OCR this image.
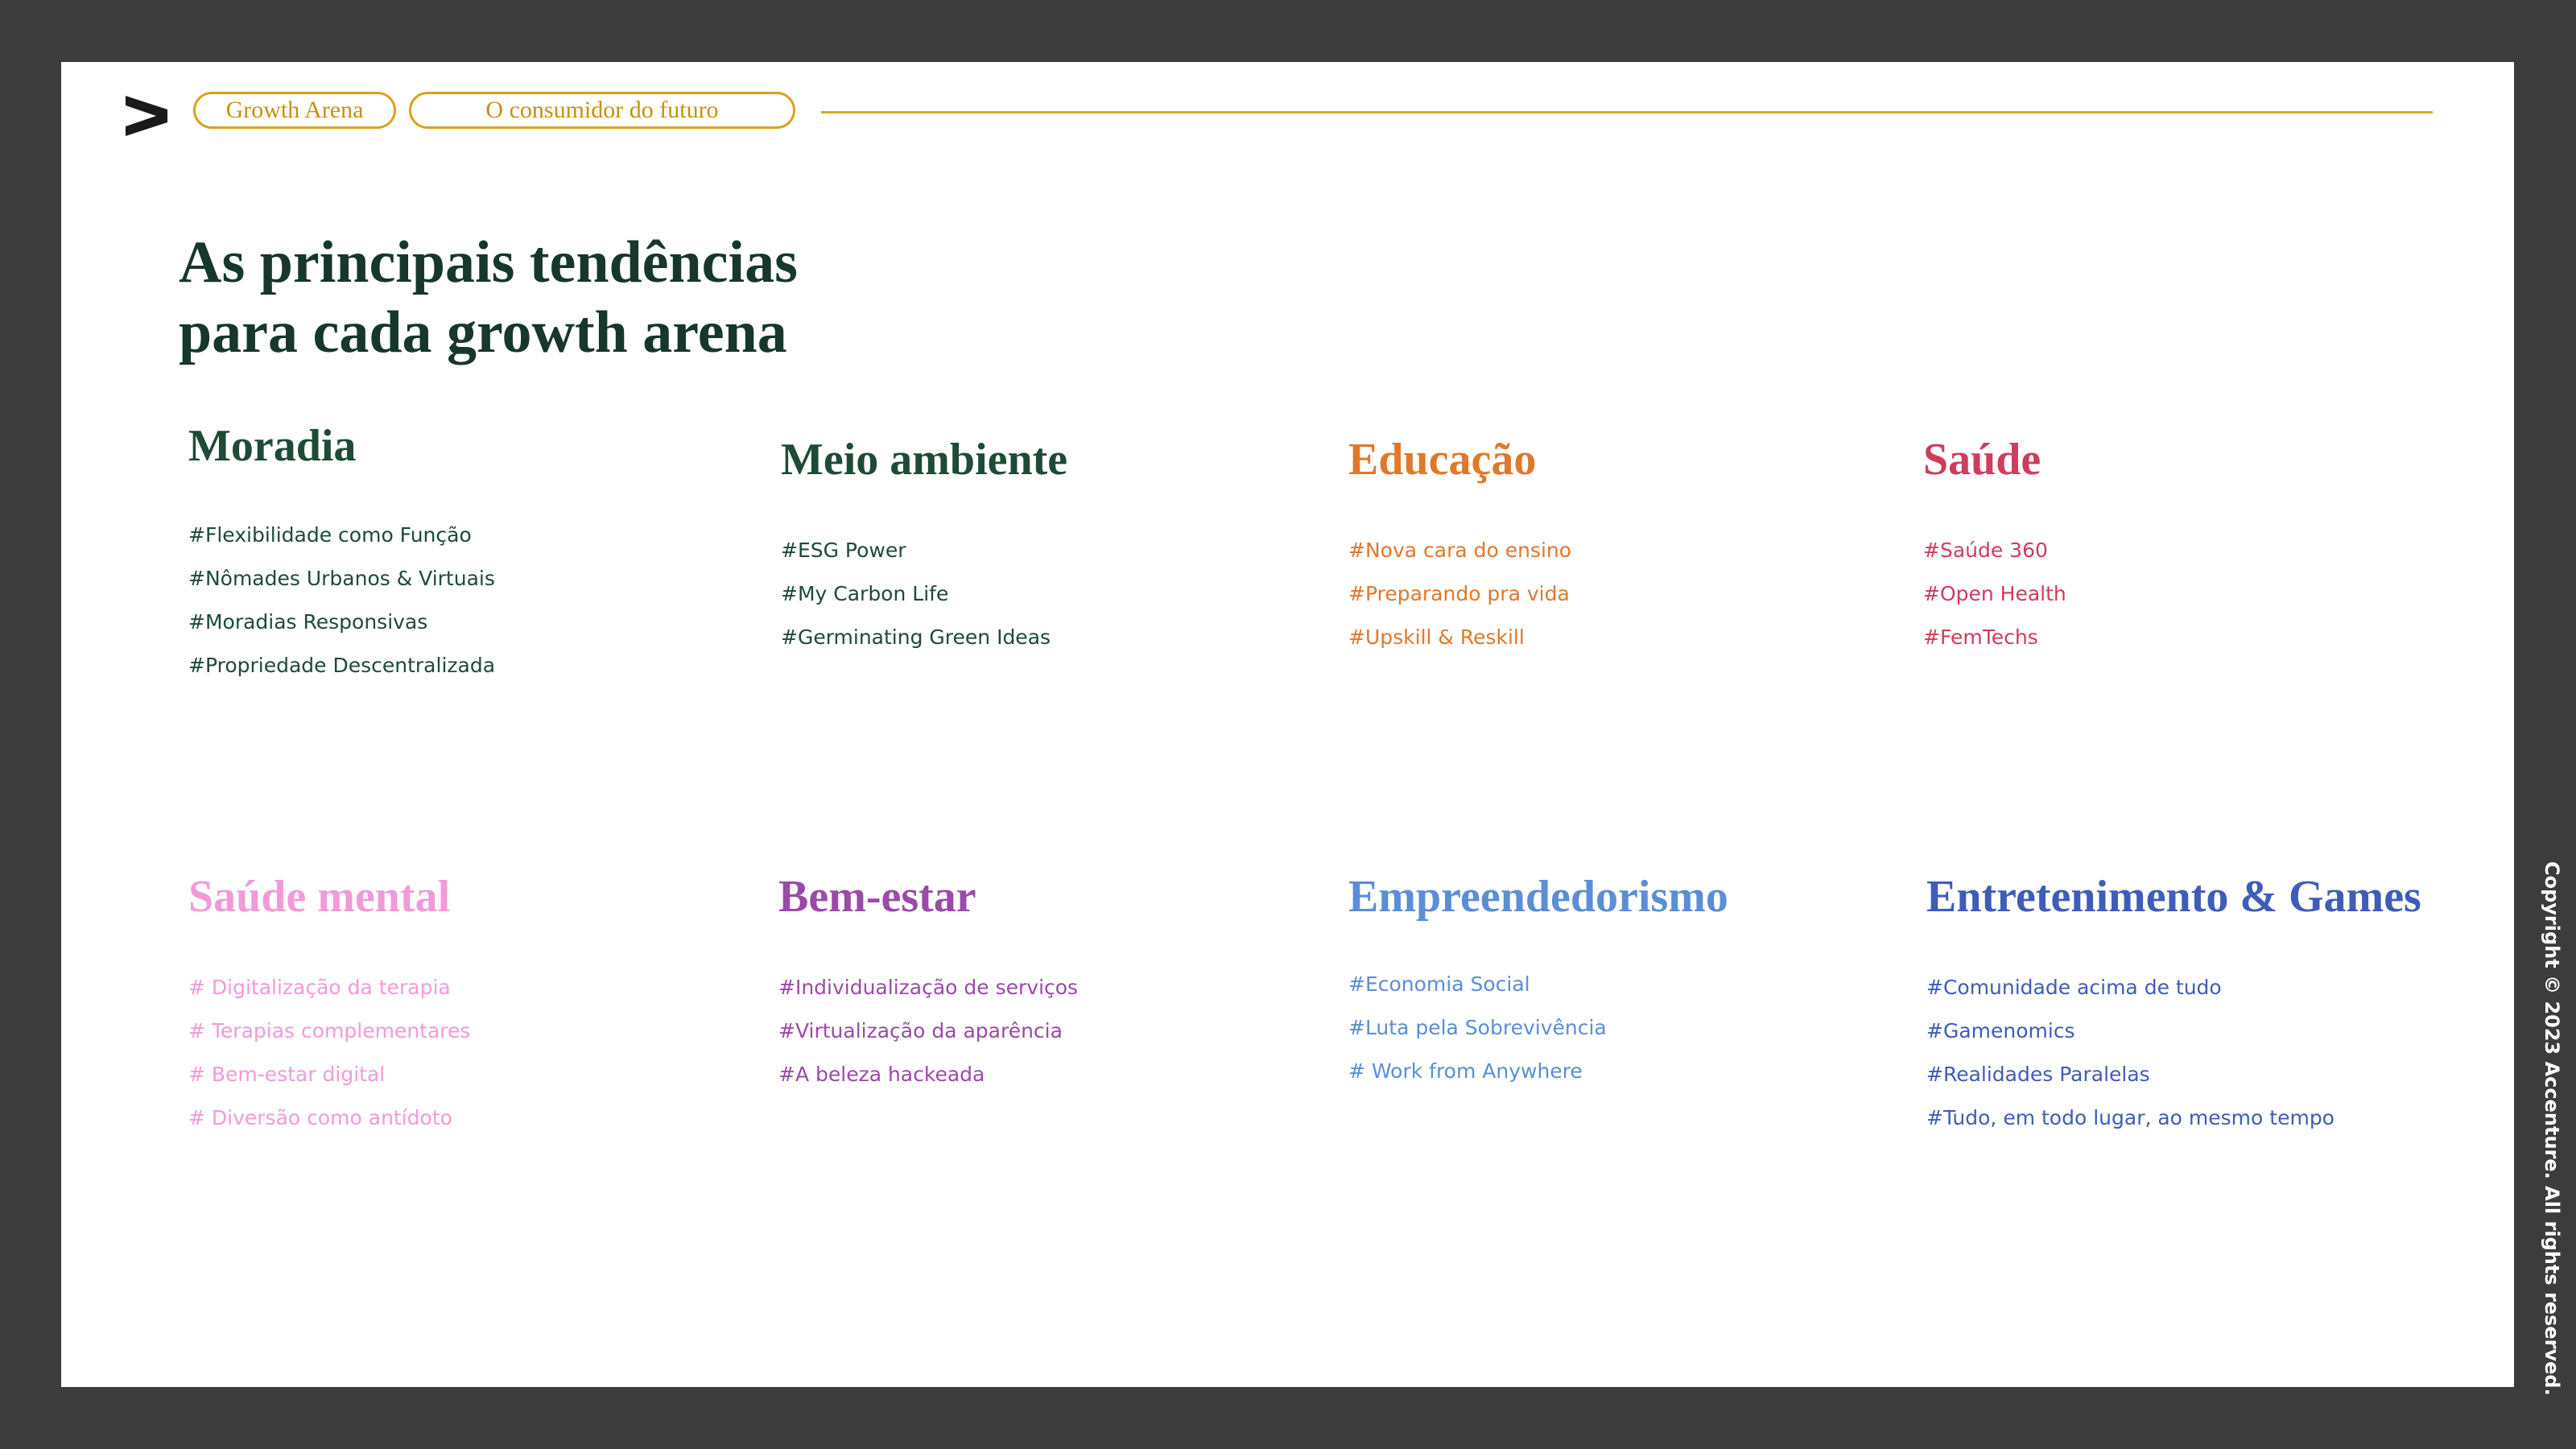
Growth Arena	O consumidor do futuro
As principais tendências
para cada growth arena
Moradia
#Flexibilidade como Função
#Nômades Urbanos & Virtuais
#Moradias Responsivas
#Propriedade Descentralizada
Meio ambiente
#ESG Power
#My Carbon Life
#Germinating Green Ideas
Educação
#Nova cara do ensino
#Preparando pra vida
#Upskill & Reskill
Saúde
#Saúde 360
#Open Health
#FemTechs
Saúde mental
# Digitalização da terapia
# Terapias complementares
# Bem-estar digital
# Diversão como antídoto
Bem-estar
#Individualização de serviços
#Virtualização da aparência
#A beleza hackeada
Empreendedorismo
#Economia Social
#Luta pela Sobrevivência
# Work from Anywhere
Entretenimento & Games
#Comunidade acima de tudo
#Gamenomics
#Realidades Paralelas
#Tudo, em todo lugar, ao mesmo tempo	Copyright © 2023 Accenture. All rights reserved.
